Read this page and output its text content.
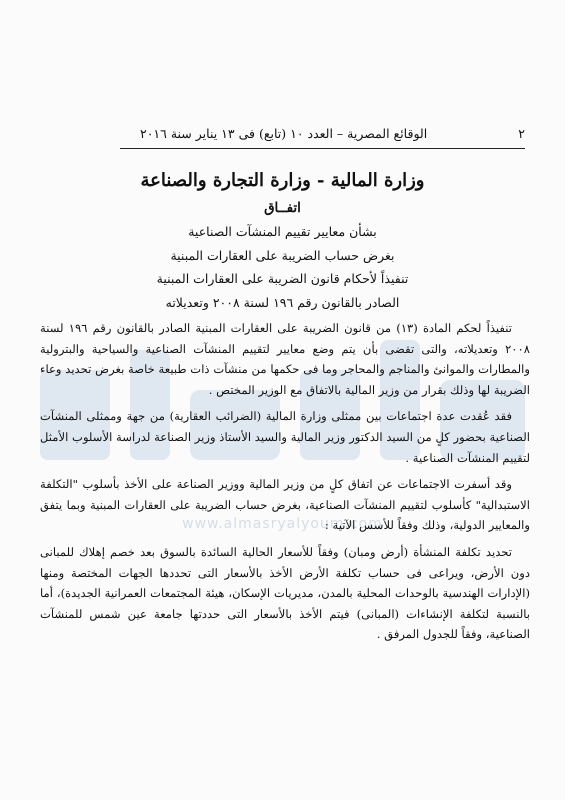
www.almasryalyoum.com
٢
الوقائع المصرية – العدد ١٠ (تابع) فى ١٣ يناير سنة ٢٠١٦
وزارة المالية - وزارة التجارة والصناعة
اتفــاق
بشأن معايير تقييم المنشآت الصناعية
بغرض حساب الضريبة على العقارات المبنية
تنفيذاً لأحكام قانون الضريبة على العقارات المبنية
الصادر بالقانون رقم ١٩٦ لسنة ٢٠٠٨ وتعديلاته

تنفيذاً لحكم المادة (١٣) من قانون الضريبة على العقارات المبنية الصادر بالقانون رقم ١٩٦ لسنة ٢٠٠٨ وتعديلاته، والتى تقضى بأن يتم وضع معايير لتقييم المنشآت الصناعية والسياحية والبترولية والمطارات والموانئ والمناجم والمحاجر وما فى حكمها من منشآت ذات طبيعة خاصة بغرض تحديد وعاء الضريبة لها وذلك بقرار من وزير المالية بالاتفاق مع الوزير المختص .

فقد عُقدت عدة اجتماعات بين ممثلى وزارة المالية (الضرائب العقارية) من جهة وممثلى المنشآت الصناعية بحضور كلٍ من السيد الدكتور وزير المالية والسيد الأستاذ وزير الصناعة لدراسة الأسلوب الأمثل لتقييم المنشآت الصناعية .

وقد أسفرت الاجتماعات عن اتفاق كلٍ من وزير المالية ووزير الصناعة على الأخذ بأسلوب "التكلفة الاستبدالية" كأسلوب لتقييم المنشآت الصناعية، بغرض حساب الضريبة على العقارات المبنية وبما يتفق والمعايير الدولية، وذلك وفقاً للأسس الآتية :

تحديد تكلفة المنشأة (أرض ومبان) وفقاً للأسعار الحالية السائدة بالسوق بعد خصم إهلاك للمبانى دون الأرض، ويراعى فى حساب تكلفة الأرض الأخذ بالأسعار التى تحددها الجهات المختصة ومنها (الإدارات الهندسية بالوحدات المحلية بالمدن، مديريات الإسكان، هيئة المجتمعات العمرانية الجديدة)، أما بالنسبة لتكلفة الإنشاءات (المبانى) فيتم الأخذ بالأسعار التى حددتها جامعة عين شمس للمنشآت الصناعية، وفقاً للجدول المرفق .
